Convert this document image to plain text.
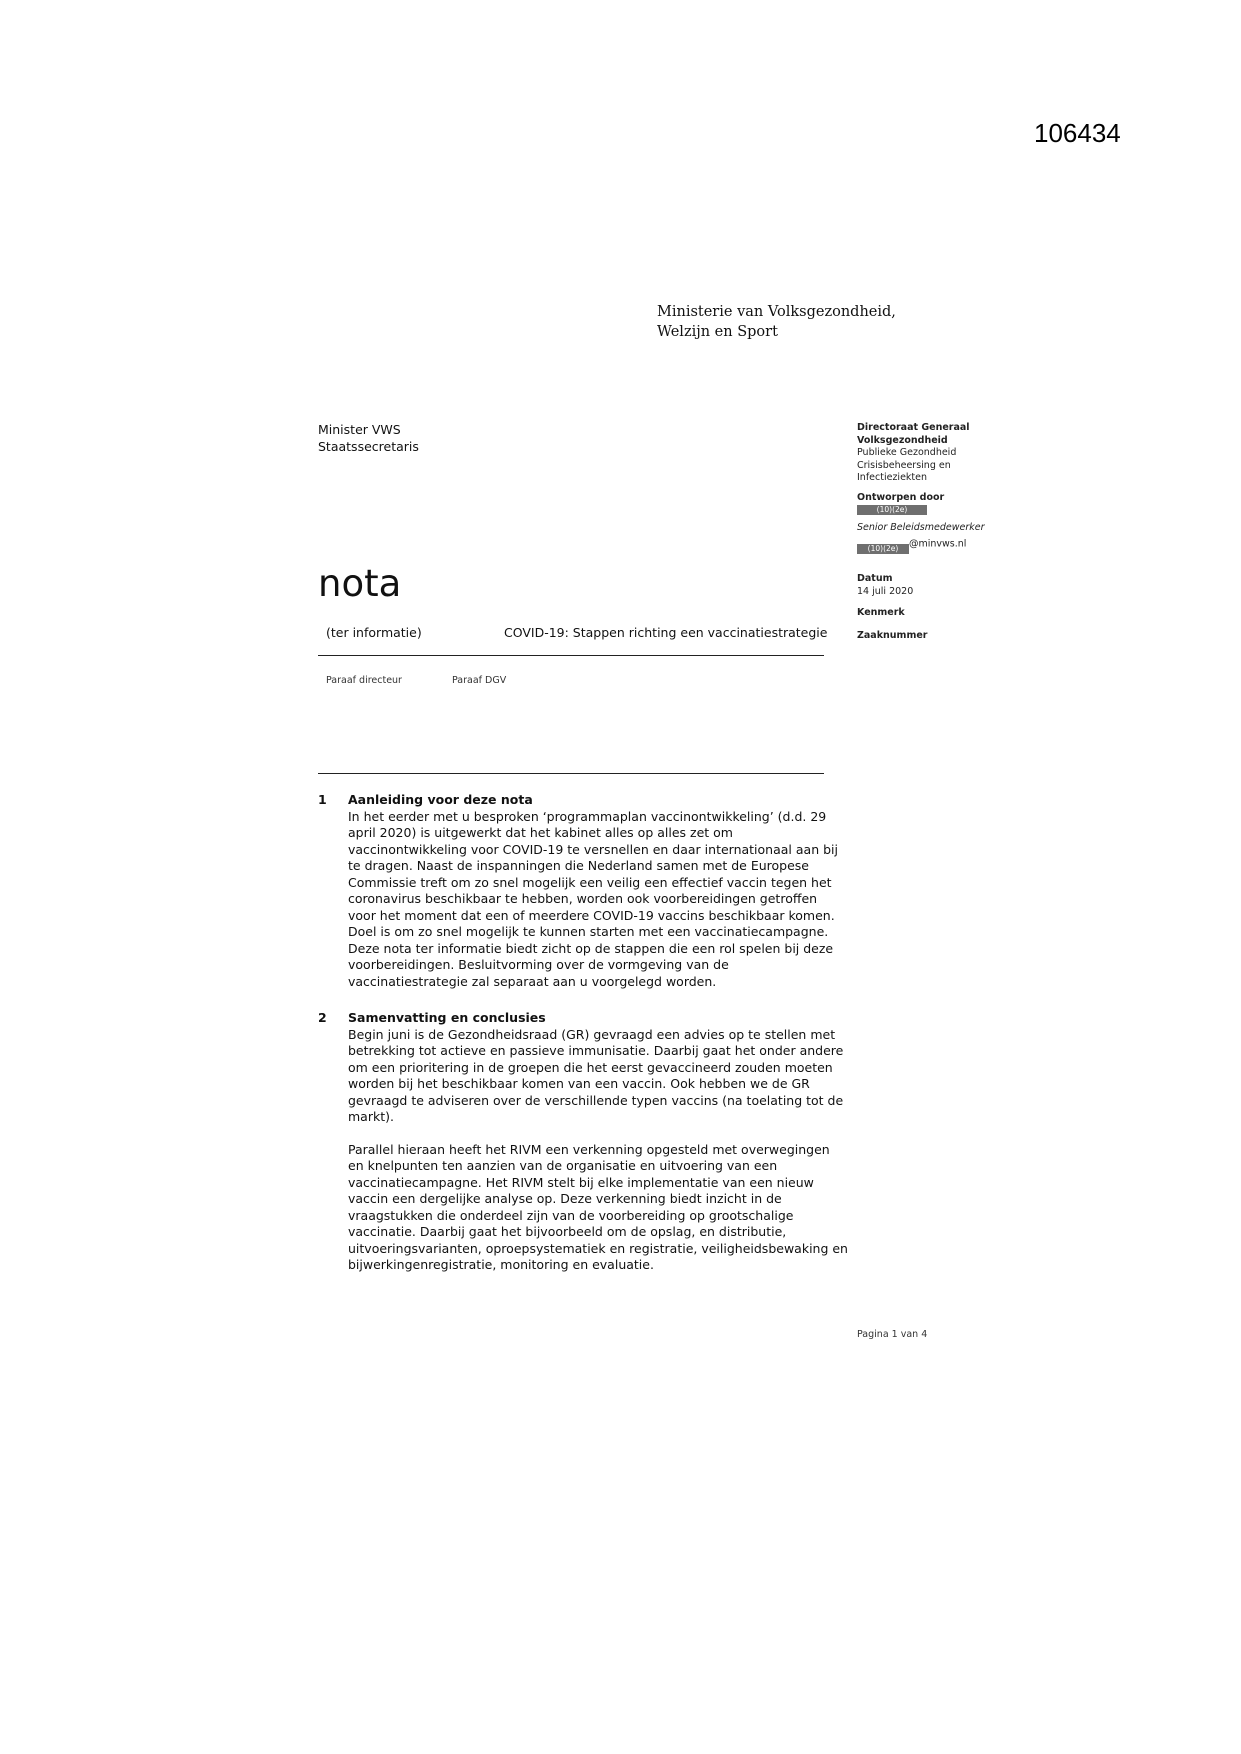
106434
Ministerie van Volksgezondheid,
Welzijn en Sport
Minister VWS
Staatssecretaris
nota
(ter informatie)	COVID-19: Stappen richting een vaccinatiestrategie
Paraaf directeur	Paraaf DGV
Directoraat Generaal
Volksgezondheid
Publieke Gezondheid
Crisisbeheersing en
Infectieziekten
Ontworpen door
(10)(2e)
Senior Beleidsmedewerker
(10)(2e) @minvws.nl
Datum
14 juli 2020
Kenmerk
Zaaknummer
1 Aanleiding voor deze nota

In het eerder met u besproken ‘programmaplan vaccinontwikkeling’ (d.d. 29 april 2020) is uitgewerkt dat het kabinet alles op alles zet om vaccinontwikkeling voor COVID-19 te versnellen en daar internationaal aan bij te dragen. Naast de inspanningen die Nederland samen met de Europese Commissie treft om zo snel mogelijk een veilig een effectief vaccin tegen het coronavirus beschikbaar te hebben, worden ook voorbereidingen getroffen voor het moment dat een of meerdere COVID-19 vaccins beschikbaar komen. Doel is om zo snel mogelijk te kunnen starten met een vaccinatiecampagne. Deze nota ter informatie biedt zicht op de stappen die een rol spelen bij deze voorbereidingen. Besluitvorming over de vormgeving van de vaccinatiestrategie zal separaat aan u voorgelegd worden.

2 Samenvatting en conclusies

Begin juni is de Gezondheidsraad (GR) gevraagd een advies op te stellen met betrekking tot actieve en passieve immunisatie. Daarbij gaat het onder andere om een prioritering in de groepen die het eerst gevaccineerd zouden moeten worden bij het beschikbaar komen van een vaccin. Ook hebben we de GR gevraagd te adviseren over de verschillende typen vaccins (na toelating tot de markt).

Parallel hieraan heeft het RIVM een verkenning opgesteld met overwegingen en knelpunten ten aanzien van de organisatie en uitvoering van een vaccinatiecampagne. Het RIVM stelt bij elke implementatie van een nieuw vaccin een dergelijke analyse op. Deze verkenning biedt inzicht in de vraagstukken die onderdeel zijn van de voorbereiding op grootschalige vaccinatie. Daarbij gaat het bijvoorbeeld om de opslag, en distributie, uitvoeringsvarianten, oproepsystematiek en registratie, veiligheidsbewaking en bijwerkingenregistratie, monitoring en evaluatie.

Pagina 1 van 4
